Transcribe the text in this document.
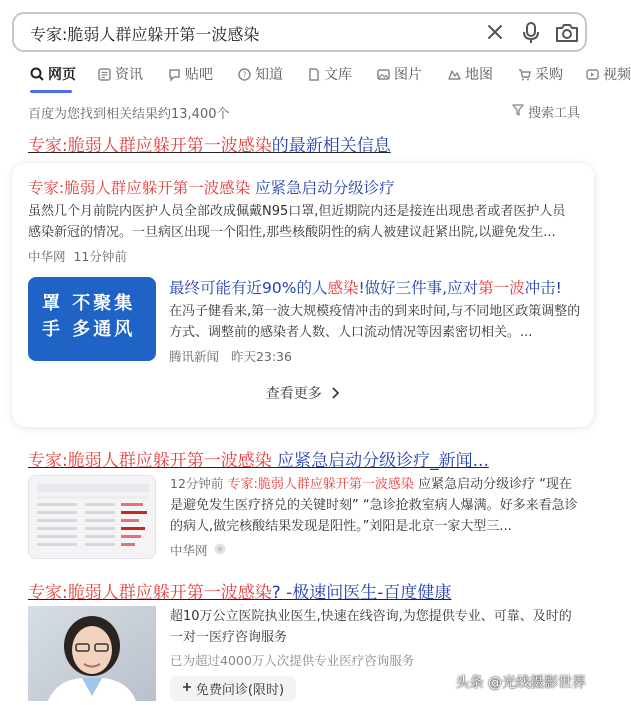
专家:脆弱人群应躲开第一波感染
网页	资讯	贴吧	? 知道	文库	图片	地图	采购	视频
百度为您找到相关结果约13,400个	搜索工具
专家:脆弱人群应躲开第一波感染的最新相关信息
专家:脆弱人群应躲开第一波感染 应紧急启动分级诊疗
虽然几个月前院内医护人员全部改成佩戴N95口罩,但近期院内还是接连出现患者或者医护人员感染新冠的情况。一旦病区出现一个阳性,那些核酸阴性的病人被建议赶紧出院,以避免发生...
中华网 11分钟前
罩 不聚集
手 多通风
最终可能有近90%的人感染!做好三件事,应对第一波冲击!
在冯子健看来,第一波大规模疫情冲击的到来时间,与不同地区政策调整的方式、调整前的感染者人数、人口流动情况等因素密切相关。...
腾讯新闻 昨天23:36
查看更多
专家:脆弱人群应躲开第一波感染 应紧急启动分级诊疗_新闻...
12分钟前 专家:脆弱人群应躲开第一波感染 应紧急启动分级诊疗 “现在是避免发生医疗挤兑的关键时刻” “急诊抢救室病人爆满。好多来看急诊的病人,做完核酸结果发现是阳性。”刘阳是北京一家大型三...
中华网
专家:脆弱人群应躲开第一波感染? -极速问医生-百度健康
超10万公立医院执业医生,快速在线咨询,为您提供专业、可靠、及时的一对一医疗咨询服务
已为超过4000万人次提供专业医疗咨询服务
免费问诊(限时)	头条 @光线摄影世界
